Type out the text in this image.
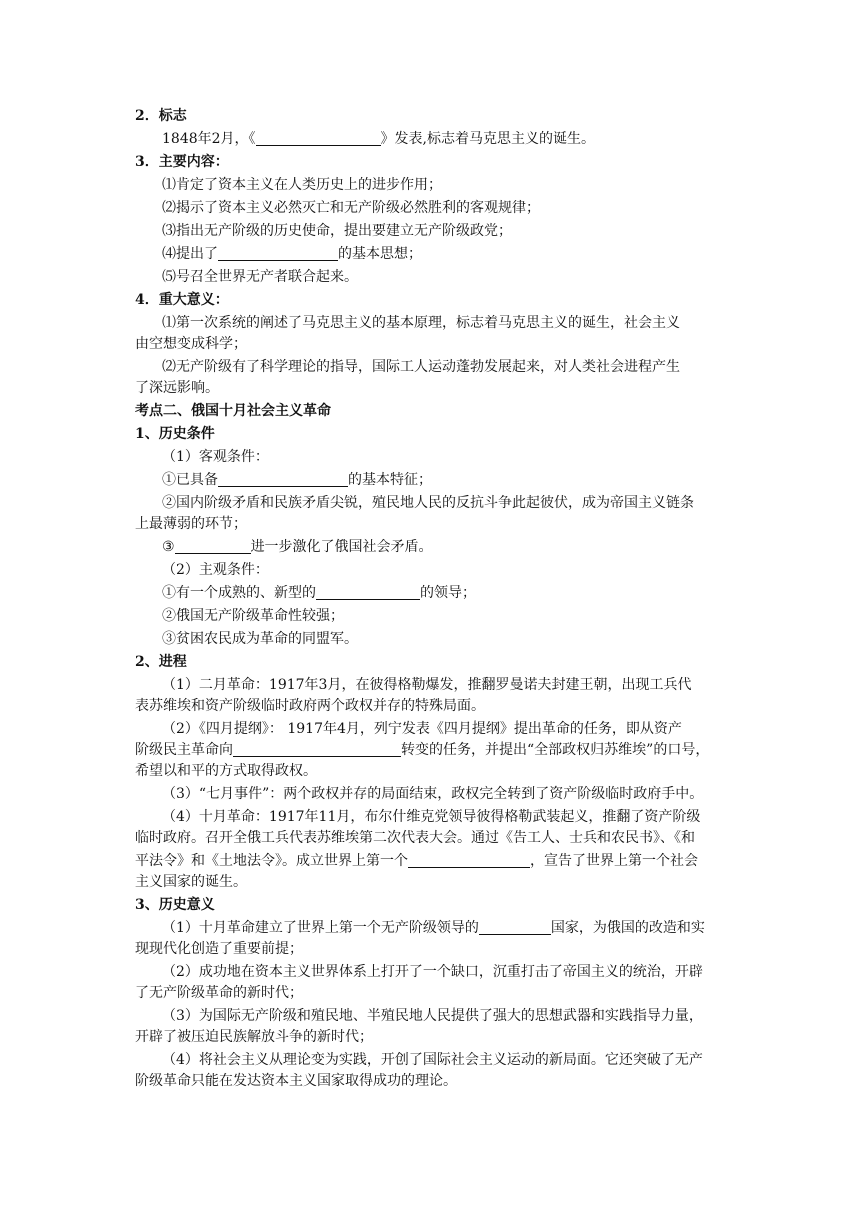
2．标志
1848年2月，《	》发表,标志着马克思主义的诞生。
3．主要内容：
⑴肯定了资本主义在人类历史上的进步作用；
⑵揭示了资本主义必然灭亡和无产阶级必然胜利的客观规律；
⑶指出无产阶级的历史使命，提出要建立无产阶级政党；
⑷提出了	的基本思想；
⑸号召全世界无产者联合起来。
4．重大意义：
⑴第一次系统的阐述了马克思主义的基本原理，标志着马克思主义的诞生，社会主义
由空想变成科学；
⑵无产阶级有了科学理论的指导，国际工人运动蓬勃发展起来，对人类社会进程产生
了深远影响。
考点二、俄国十月社会主义革命
1、历史条件
（1）客观条件：
①已具备	的基本特征；
②国内阶级矛盾和民族矛盾尖锐，殖民地人民的反抗斗争此起彼伏，成为帝国主义链条
上最薄弱的环节；
③	进一步激化了俄国社会矛盾。
（2）主观条件：
①有一个成熟的、新型的	的领导；
②俄国无产阶级革命性较强；
③贫困农民成为革命的同盟军。
2、进程
（1）二月革命：1917年3月，在彼得格勒爆发，推翻罗曼诺夫封建王朝，出现工兵代
表苏维埃和资产阶级临时政府两个政权并存的特殊局面。
（2）《四月提纲》： 1917年4月，列宁发表《四月提纲》提出革命的任务，即从资产
阶级民主革命向	转变的任务，并提出“全部政权归苏维埃”的口号，
希望以和平的方式取得政权。
（3）“七月事件”：两个政权并存的局面结束，政权完全转到了资产阶级临时政府手中。
（4）十月革命：1917年11月，布尔什维克党领导彼得格勒武装起义，推翻了资产阶级
临时政府。召开全俄工兵代表苏维埃第二次代表大会。通过《告工人、士兵和农民书》、《和
平法令》和《土地法令》。成立世界上第一个	，宣告了世界上第一个社会
主义国家的诞生。
3、历史意义
（1）十月革命建立了世界上第一个无产阶级领导的	国家，为俄国的改造和实
现现代化创造了重要前提；
（2）成功地在资本主义世界体系上打开了一个缺口，沉重打击了帝国主义的统治，开辟
了无产阶级革命的新时代；
（3）为国际无产阶级和殖民地、半殖民地人民提供了强大的思想武器和实践指导力量，
开辟了被压迫民族解放斗争的新时代；
（4）将社会主义从理论变为实践，开创了国际社会主义运动的新局面。它还突破了无产
阶级革命只能在发达资本主义国家取得成功的理论。
